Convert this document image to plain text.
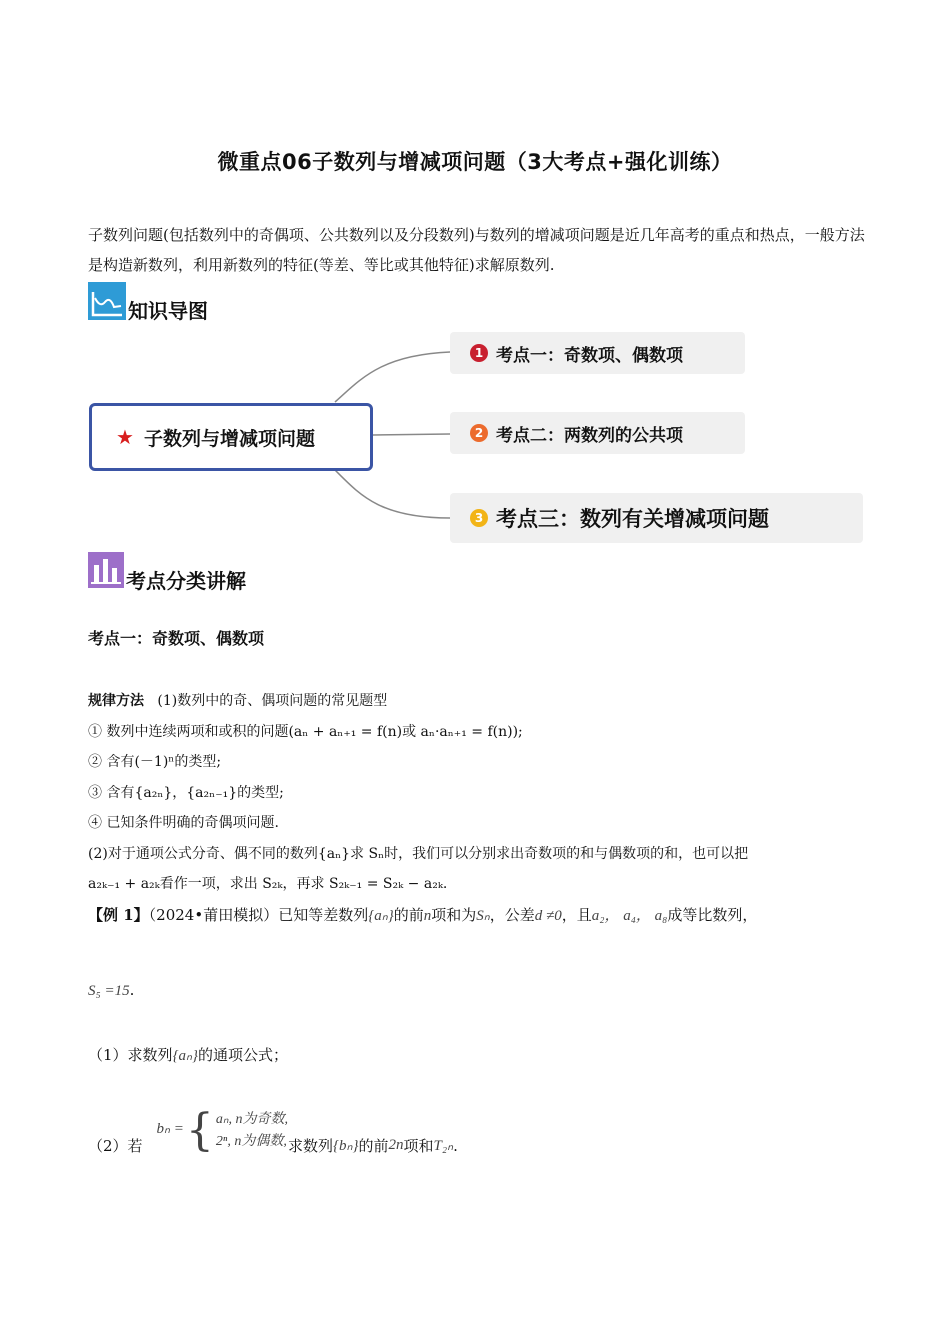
微重点06子数列与增减项问题（3大考点+强化训练）
子数列问题(包括数列中的奇偶项、公共数列以及分段数列)与数列的增减项问题是近几年高考的重点和热点，一般方法是构造新数列，利用新数列的特征(等差、等比或其他特征)求解原数列.
知识导图
★ 子数列与增减项问题
1 考点一：奇数项、偶数项
2 考点二：两数列的公共项
3 考点三：数列有关增减项问题
考点分类讲解
考点一：奇数项、偶数项
规律方法 (1)数列中的奇、偶项问题的常见题型
① 数列中连续两项和或积的问题(aₙ + aₙ₊₁ = f(n)或 aₙ·aₙ₊₁ = f(n));
② 含有(－1)ⁿ的类型;
③ 含有{a₂ₙ}，{a₂ₙ₋₁}的类型;
④ 已知条件明确的奇偶项问题.
(2)对于通项公式分奇、偶不同的数列{aₙ}求 Sₙ时，我们可以分别求出奇数项的和与偶数项的和，也可以把
a₂ₖ₋₁ + a₂ₖ看作一项，求出 S₂ₖ，再求 S₂ₖ₋₁ = S₂ₖ − a₂ₖ.
【例 1】（2024•莆田模拟）已知等差数列{aₙ}的前n项和为Sₙ，公差d ≠0，且a₂， a₄， a₈成等比数列，
S₅ =15.
（1）求数列{aₙ}的通项公式；
（2）若
bₙ = { aₙ, n为奇数,
2ⁿ, n为偶数, 求数列 {bₙ} 的前 2n 项和 T₂ₙ .
